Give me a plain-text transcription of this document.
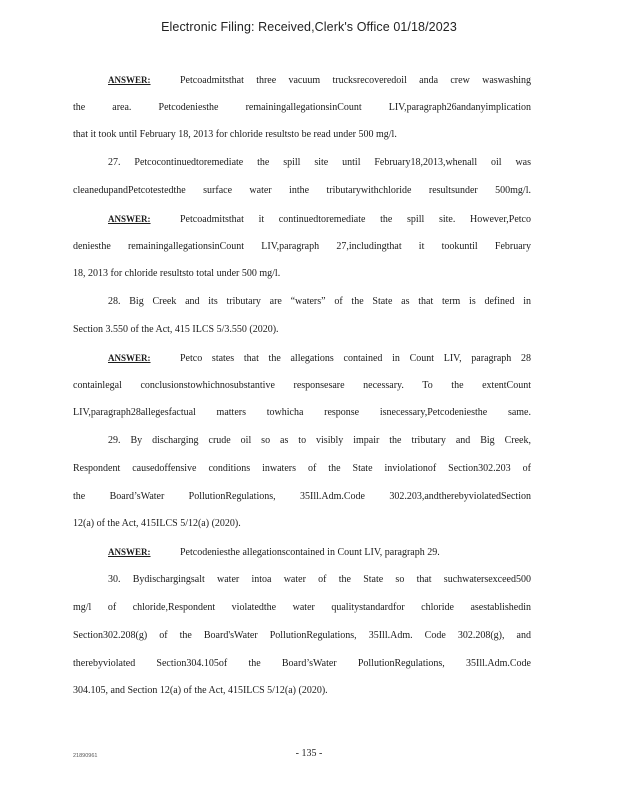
Electronic Filing: Received,Clerk's Office 01/18/2023
ANSWER:	Petcoadmitsthat three vacuum trucksrecoveredoil anda crew waswashing
the area. Petcodeniesthe remainingallegationsinCount LIV,paragraph26andanyimplication
that it took until February 18, 2013 for chloride resultsto be read under 500 mg/l.
27. Petcocontinuedtoremediate the spill site until February18,2013,whenall oil was
cleanedupandPetcotestedthe surface water inthe tributarywithchloride resultsunder 500mg/l.
ANSWER:	Petcoadmitsthat it continuedtoremediate the spill site. However,Petco
deniesthe remainingallegationsinCount LIV,paragraph 27,includingthat it tookuntil February
18, 2013 for chloride resultsto total under 500 mg/l.
28. Big Creek and its tributary are “waters” of the State as that term is defined in
Section 3.550 of the Act, 415 ILCS 5/3.550 (2020).
ANSWER:	Petco states that the allegations contained in Count LIV, paragraph 28
containlegal conclusionstowhichnosubstantive responsesare necessary. To the extentCount
LIV,paragraph28allegesfactual matters towhicha response isnecessary,Petcodeniesthe same.
29. By discharging crude oil so as to visibly impair the tributary and Big Creek,
Respondent causedoffensive conditions inwaters of the State inviolationof Section302.203 of
the Board’sWater PollutionRegulations, 35Ill.Adm.Code 302.203,andtherebyviolatedSection
12(a) of the Act, 415ILCS 5/12(a) (2020).
ANSWER:	Petcodeniesthe allegationscontained in Count LIV, paragraph 29.
30. Bydischargingsalt water intoa water of the State so that suchwatersexceed500
mg/l of chloride,Respondent violatedthe water qualitystandardfor chloride asestablishedin
Section302.208(g) of the Board'sWater PollutionRegulations, 35Ill.Adm. Code 302.208(g), and
therebyviolated Section304.105of the Board’sWater PollutionRegulations, 35Ill.Adm.Code
304.105, and Section 12(a) of the Act, 415ILCS 5/12(a) (2020).
21890961	- 135 -
